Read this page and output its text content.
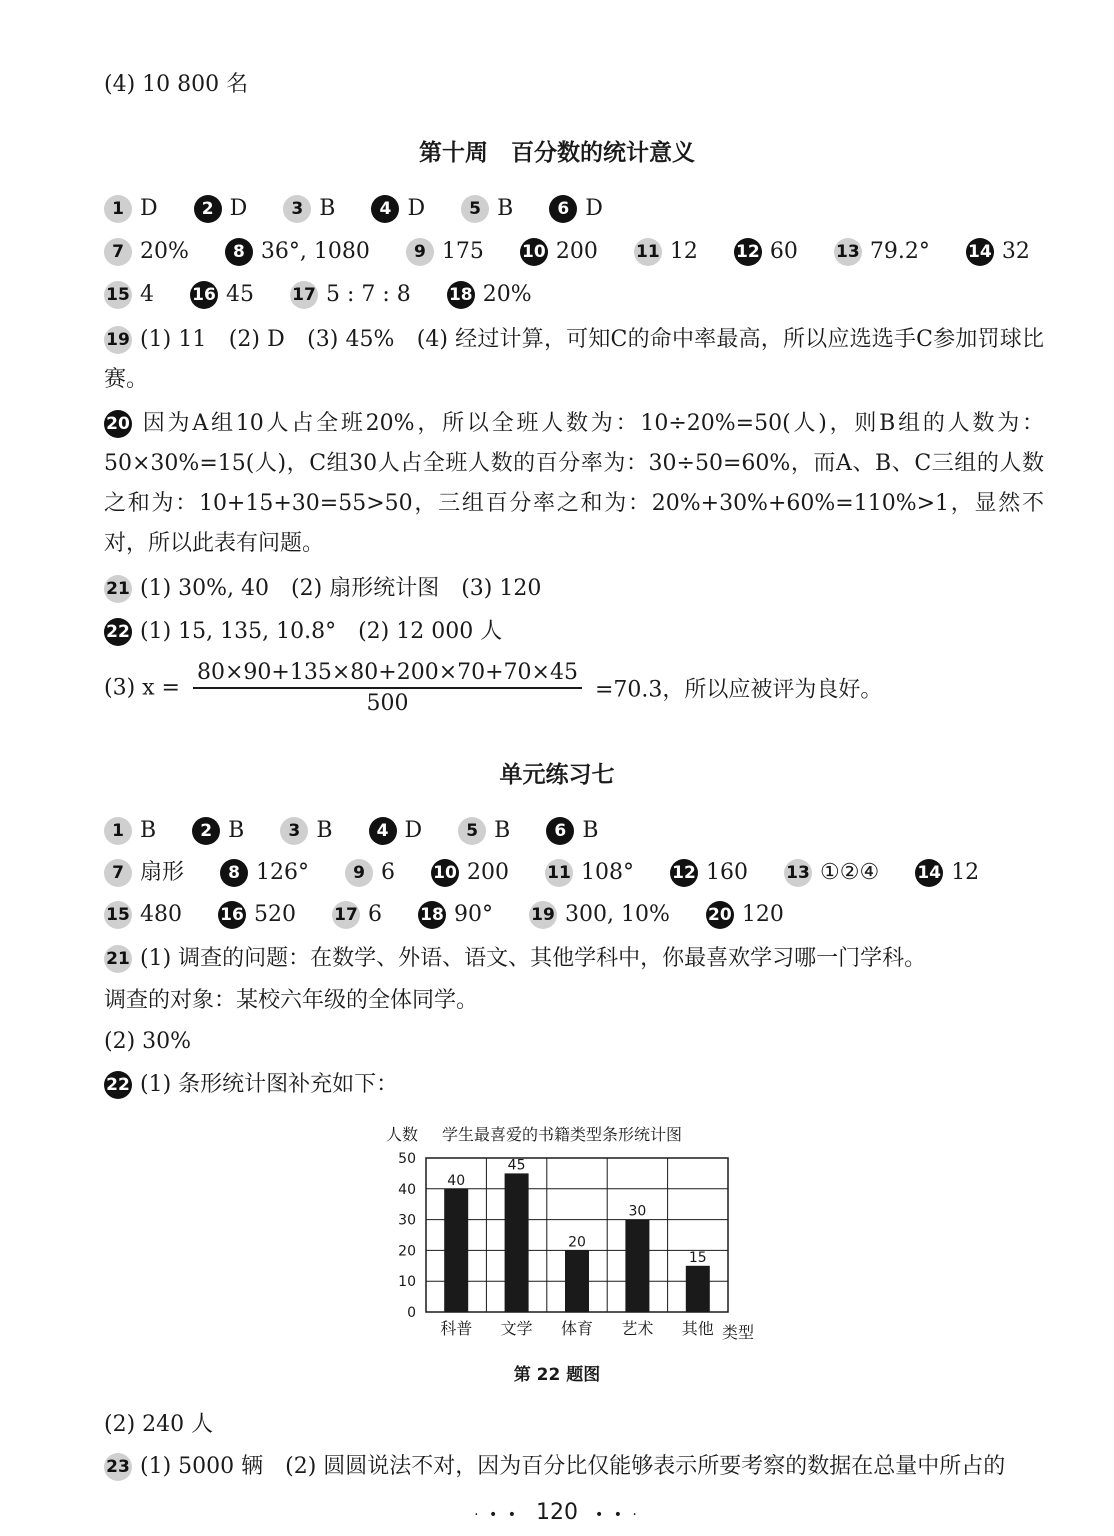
(4) 10 800 名
第十周　百分数的统计意义
1 D	2 D	3 B	4 D	5 B	6 D
7 20%	8 36°, 1080	9 175 10 200 11 12 12 60 13 79.2° 14 32
15 4 16 45 17 5 : 7 : 8 18 20%
19 (1) 11　(2) D　(3) 45%　(4) 经过计算，可知C的命中率最高，所以应选选手C参加罚球比赛。
20 因为A组10人占全班20%，所以全班人数为：10÷20%=50(人)，则B组的人数为：50×30%=15(人)，C组30人占全班人数的百分率为：30÷50=60%，而A、B、C三组的人数之和为：10+15+30=55>50，三组百分率之和为：20%+30%+60%=110%>1，显然不对，所以此表有问题。
21 (1) 30%, 40　(2) 扇形统计图　(3) 120
22 (1) 15, 135, 10.8°　(2) 12 000 人
(3) $x = \frac{80\times 90+135\times 80+200\times 70+70\times 45}{500} =70.3$，所以应被评为良好。
单元练习七
1 B	2 B	3 B	4 D	5 B	6 B
7 扇形	8 126°	9 6 10 200 11 108° 12 160 13 ①②④ 14 12
15 480 16 520 17 6 18 90° 19 300, 10% 20 120
21 (1) 调查的问题：在数学、外语、语文、其他学科中，你最喜欢学习哪一门学科。
调查的对象：某校六年级的全体同学。
(2) 30%
22 (1) 条形统计图补充如下：
人数 学生最喜爱的书籍类型条形统计图
类型
0
10
20
30
40
50
40
科普
45
文学
20
体育
30
艺术
15
其他
第 22 题图
(2) 240 人
23 (1) 5000 辆　(2) 圆圆说法不对，因为百分比仅能够表示所要考察的数据在总量中所占的
· • • 120 • • ·
